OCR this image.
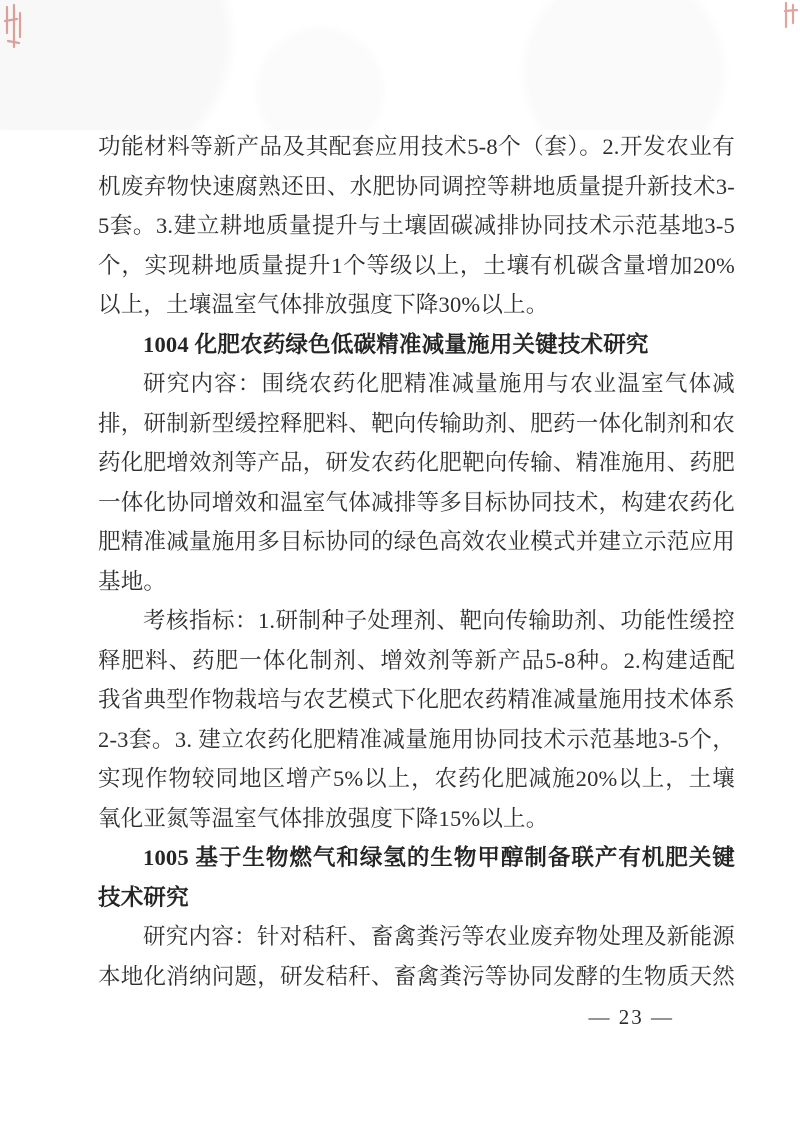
功能材料等新产品及其配套应用技术5-8个（套）。2.开发农业有机废弃物快速腐熟还田、水肥协同调控等耕地质量提升新技术3-5套。3.建立耕地质量提升与土壤固碳减排协同技术示范基地3-5个，实现耕地质量提升1个等级以上，土壤有机碳含量增加20%以上，土壤温室气体排放强度下降30%以上。

1004 化肥农药绿色低碳精准减量施用关键技术研究

研究内容：围绕农药化肥精准减量施用与农业温室气体减排，研制新型缓控释肥料、靶向传输助剂、肥药一体化制剂和农药化肥增效剂等产品，研发农药化肥靶向传输、精准施用、药肥一体化协同增效和温室气体减排等多目标协同技术，构建农药化肥精准减量施用多目标协同的绿色高效农业模式并建立示范应用基地。

考核指标：1.研制种子处理剂、靶向传输助剂、功能性缓控释肥料、药肥一体化制剂、增效剂等新产品5-8种。2.构建适配我省典型作物栽培与农艺模式下化肥农药精准减量施用技术体系2-3套。3. 建立农药化肥精准减量施用协同技术示范基地3-5个，实现作物较同地区增产5%以上，农药化肥减施20%以上，土壤氧化亚氮等温室气体排放强度下降15%以上。

1005 基于生物燃气和绿氢的生物甲醇制备联产有机肥关键技术研究

研究内容：针对秸秆、畜禽粪污等农业废弃物处理及新能源本地化消纳问题，研发秸秆、畜禽粪污等协同发酵的生物质天然

— 23 —
